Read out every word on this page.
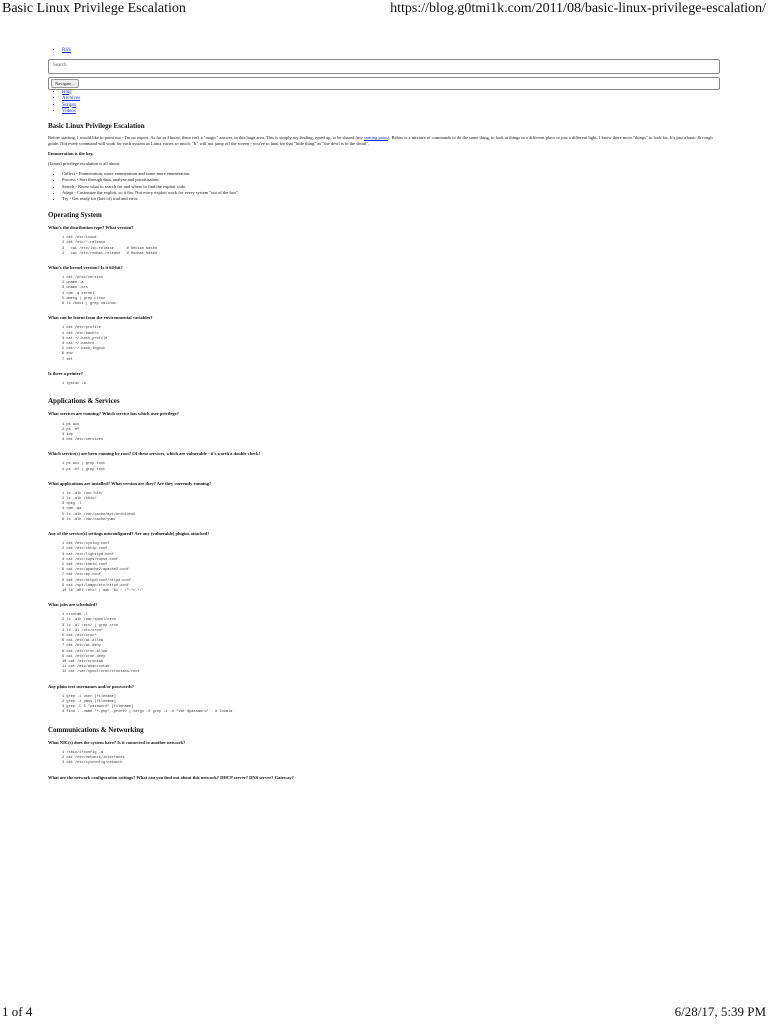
Basic Linux Privilege Escalation	https://blog.g0tmi1k.com/2011/08/basic-linux-privilege-escalation/
• RSS
Search
Navigate...
• Blog
• Archives
• Scripts
• Videos
Basic Linux Privilege Escalation

Before starting, I would like to point out - I'm no expert. As far as I know, there isn't a "magic" answer, in this huge area. This is simply my finding, typed up, to be shared (my starting point). Below is a mixture of commands to do the same thing, to look at things in a different place or just a different light. I know there more "things" to look for. It's just a basic & rough guide. Not every command will work for each system as Linux varies so much. "It" will not jump off the screen - you've to hunt for that "little thing" as "the devil is in the detail".

Enumeration is the key.

(Linux) privilege escalation is all about:

• Collect - Enumeration, more enumeration and some more enumeration.
• Process - Sort through data, analyse and prioritisation.
• Search - Know what to search for and where to find the exploit code.
• Adapt - Customize the exploit, so it fits. Not every exploit work for every system "out of the box".
• Try - Get ready for (lots of) trial and error.
Operating System
What's the distribution type? What version?
1 cat /etc/issue
2 cat /etc/*-release
3   cat /etc/lsb-release      # Debian based
4   cat /etc/redhat-release   # Redhat based
What's the kernel version? Is it 64-bit?
1 cat /proc/version
2 uname -a
3 uname -mrs
4 rpm -q kernel
5 dmesg | grep Linux
6 ls /boot | grep vmlinuz-
What can be learnt from the environmental variables?
1 cat /etc/profile
2 cat /etc/bashrc
3 cat ~/.bash_profile
4 cat ~/.bashrc
5 cat ~/.bash_logout
6 env
7 set
Is there a printer?
1 lpstat -a
Applications & Services
What services are running? Which service has which user privilege?
1 ps aux
2 ps -ef
3 top
4 cat /etc/services
Which service(s) are been running by root? Of these services, which are vulnerable - it's worth a double check!
1 ps aux | grep root
2 ps -ef | grep root
What applications are installed? What version are they? Are they currently running?
1 ls -alh /usr/bin/
2 ls -alh /sbin/
3 dpkg -l
4 rpm -qa
5 ls -alh /var/cache/apt/archivesO
6 ls -alh /var/cache/yum/
Any of the service(s) settings misconfigured? Are any (vulnerable) plugins attached?
1 cat /etc/syslog.conf
2 cat /etc/chttp.conf
3 cat /etc/lighttpd.conf
4 cat /etc/cups/cupsd.conf
5 cat /etc/inetd.conf
6 cat /etc/apache2/apache2.conf
7 cat /etc/my.conf
8 cat /etc/httpd/conf/httpd.conf
9 cat /opt/lampp/etc/httpd.conf
10 ls -aRl /etc/ | awk '$1 ~ /^.*r.*/'
What jobs are scheduled?
1 crontab -l
2 ls -alh /var/spool/cron
3 ls -al /etc/ | grep cron
4 ls -al /etc/cron*
5 cat /etc/cron*
6 cat /etc/at.allow
7 cat /etc/at.deny
8 cat /etc/cron.allow
9 cat /etc/cron.deny
10 cat /etc/crontab
11 cat /etc/anacrontab
12 cat /var/spool/cron/crontabs/root
Any plain text usernames and/or passwords?
1 grep -i user [filename]
2 grep -i pass [filename]
3 grep -C 5 "password" [filename]
4 find . -name "*.php" -print0 | xargs -0 grep -i -n "var $password"   # Joomla
Communications & Networking
What NIC(s) does the system have? Is it connected to another network?
1 /sbin/ifconfig -a
2 cat /etc/network/interfaces
3 cat /etc/sysconfig/network
What are the network configuration settings? What can you find out about this network? DHCP server? DNS server? Gateway?
1 of 4	6/28/17, 5:39 PM
